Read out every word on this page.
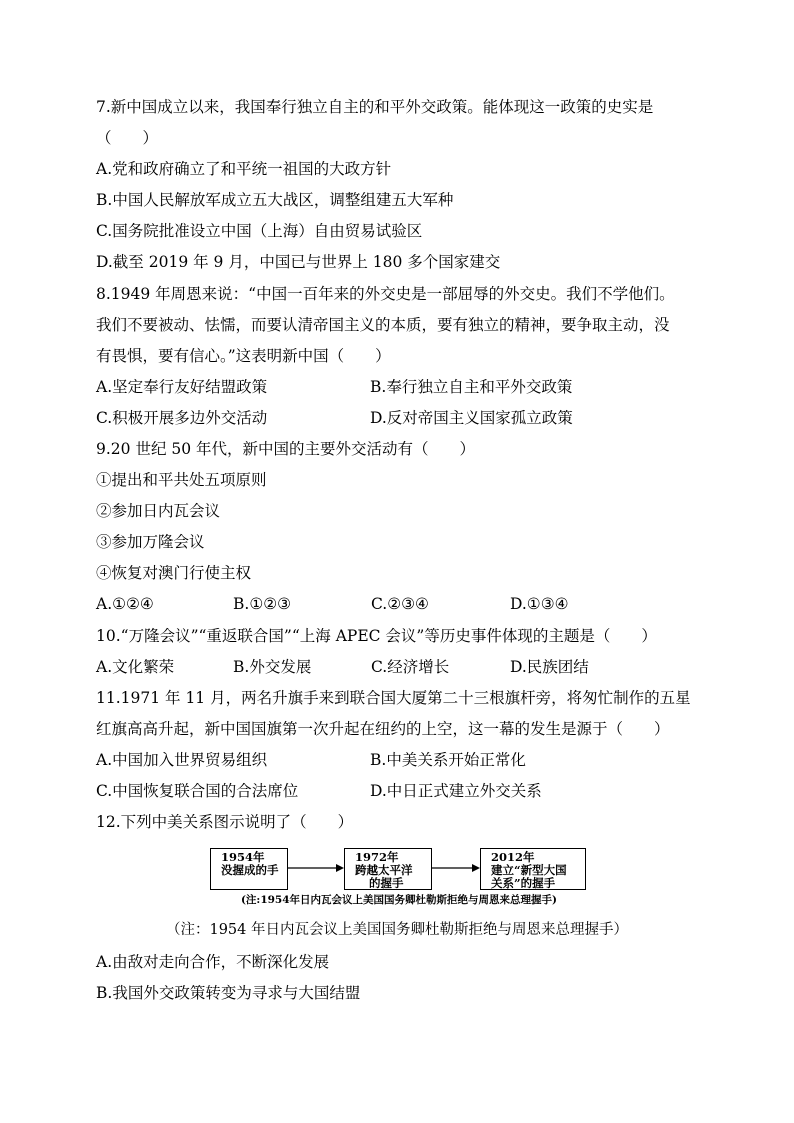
7.新中国成立以来，我国奉行独立自主的和平外交政策。能体现这一政策的史实是
（　　）
A.党和政府确立了和平统一祖国的大政方针
B.中国人民解放军成立五大战区，调整组建五大军种
C.国务院批准设立中国（上海）自由贸易试验区
D.截至 2019 年 9 月，中国已与世界上 180 多个国家建交
8.1949 年周恩来说：“中国一百年来的外交史是一部屈辱的外交史。我们不学他们。
我们不要被动、怯懦，而要认清帝国主义的本质，要有独立的精神，要争取主动，没
有畏惧，要有信心。”这表明新中国（　　）
A.坚定奉行友好结盟政策	B.奉行独立自主和平外交政策
C.积极开展多边外交活动	D.反对帝国主义国家孤立政策
9.20 世纪 50 年代，新中国的主要外交活动有（　　）
①提出和平共处五项原则
②参加日内瓦会议
③参加万隆会议
④恢复对澳门行使主权
A.①②④	B.①②③	C.②③④	D.①③④
10.“万隆会议”“重返联合国”“上海 APEC 会议”等历史事件体现的主题是（　　）
A.文化繁荣	B.外交发展	C.经济增长	D.民族团结
11.1971 年 11 月，两名升旗手来到联合国大厦第二十三根旗杆旁，将匆忙制作的五星
红旗高高升起，新中国国旗第一次升起在纽约的上空，这一幕的发生是源于（　　）
A.中国加入世界贸易组织	B.中美关系开始正常化
C.中国恢复联合国的合法席位	D.中日正式建立外交关系
12.下列中美关系图示说明了（　　）
1954年
没握成的手
1972年
跨越太平洋
的握手
2012年
建立“新型大国
关系”的握手
(注:1954年日内瓦会议上美国国务卿杜勒斯拒绝与周恩来总理握手)
（注：1954 年日内瓦会议上美国国务卿杜勒斯拒绝与周恩来总理握手）
A.由敌对走向合作，不断深化发展
B.我国外交政策转变为寻求与大国结盟
